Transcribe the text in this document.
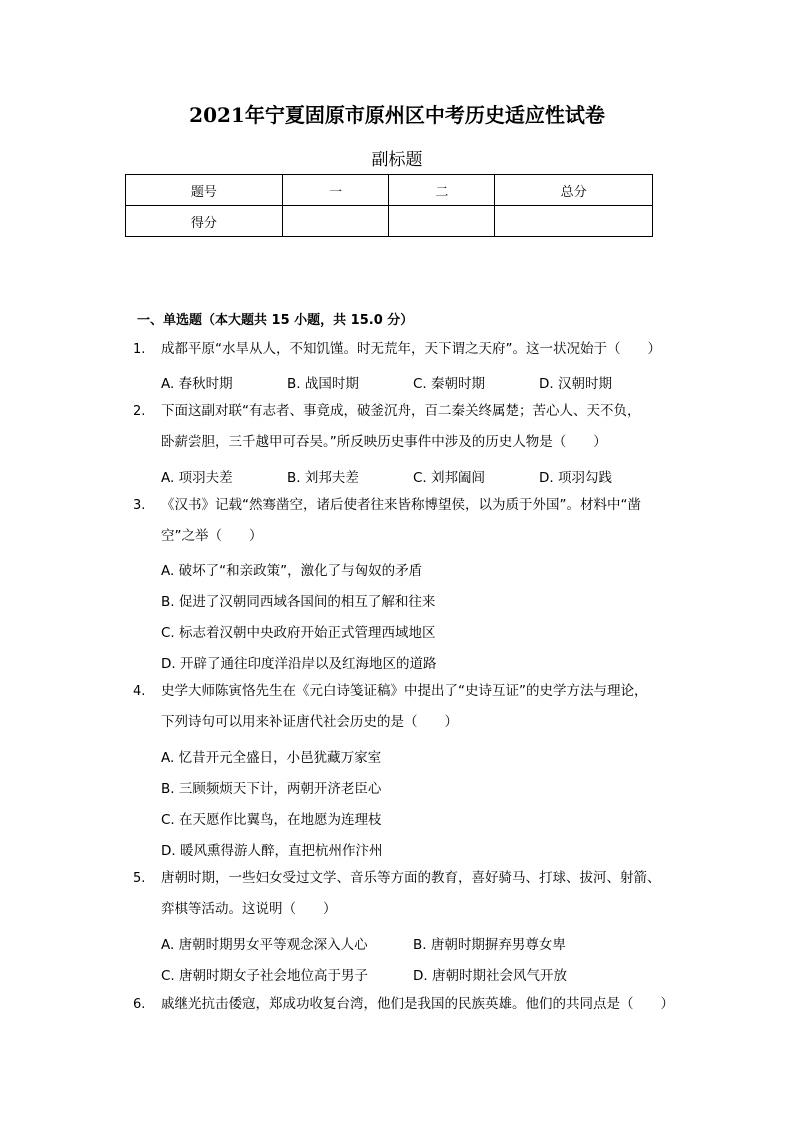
2021年宁夏固原市原州区中考历史适应性试卷
副标题
题号	一	二	总分
得分			
一、单选题（本大题共 15 小题，共 15.0 分）
1. 成都平原“水旱从人，不知饥馑。时无荒年，天下谓之天府”。这一状况始于（　　）
A. 春秋时期	B. 战国时期	C. 秦朝时期	D. 汉朝时期
2. 下面这副对联“有志者、事竟成，破釜沉舟，百二秦关终属楚；苦心人、天不负，
卧薪尝胆，三千越甲可吞吴。”所反映历史事件中涉及的历史人物是（　　）
A. 项羽夫差	B. 刘邦夫差	C. 刘邦阖闾	D. 项羽勾践
3. 《汉书》记载“然骞凿空，诸后使者往来皆称博望侯，以为质于外国”。材料中“凿
空”之举（　　）
A. 破坏了“和亲政策”，激化了与匈奴的矛盾
B. 促进了汉朝同西域各国间的相互了解和往来
C. 标志着汉朝中央政府开始正式管理西域地区
D. 开辟了通往印度洋沿岸以及红海地区的道路
4. 史学大师陈寅恪先生在《元白诗笺证稿》中提出了“史诗互证”的史学方法与理论，
下列诗句可以用来补证唐代社会历史的是（　　）
A. 忆昔开元全盛日，小邑犹藏万家室
B. 三顾频烦天下计，两朝开济老臣心
C. 在天愿作比翼鸟，在地愿为连理枝
D. 暖风熏得游人醉，直把杭州作汴州
5. 唐朝时期，一些妇女受过文学、音乐等方面的教育，喜好骑马、打球、拔河、射箭、
弈棋等活动。这说明（　　）
A. 唐朝时期男女平等观念深入人心	B. 唐朝时期摒弃男尊女卑
C. 唐朝时期女子社会地位高于男子	D. 唐朝时期社会风气开放
6. 戚继光抗击倭寇，郑成功收复台湾，他们是我国的民族英雄。他们的共同点是（　　）
